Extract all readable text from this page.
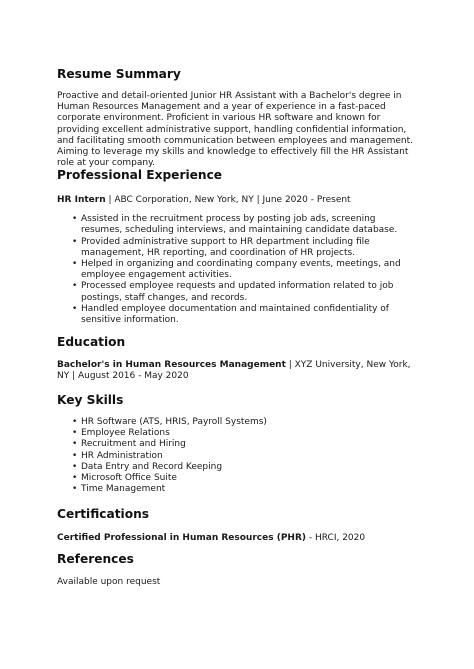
Resume Summary

Proactive and detail-oriented Junior HR Assistant with a Bachelor's degree in Human Resources Management and a year of experience in a fast-paced corporate environment. Proficient in various HR software and known for providing excellent administrative support, handling confidential information, and facilitating smooth communication between employees and management. Aiming to leverage my skills and knowledge to effectively fill the HR Assistant role at your company.

Professional Experience
HR Intern | ABC Corporation, New York, NY | June 2020 - Present
• Assisted in the recruitment process by posting job ads, screening resumes, scheduling interviews, and maintaining candidate database.
• Provided administrative support to HR department including file management, HR reporting, and coordination of HR projects.
• Helped in organizing and coordinating company events, meetings, and employee engagement activities.
• Processed employee requests and updated information related to job postings, staff changes, and records.
• Handled employee documentation and maintained confidentiality of sensitive information.
Education
Bachelor's in Human Resources Management | XYZ University, New York, NY | August 2016 - May 2020
Key Skills
• HR Software (ATS, HRIS, Payroll Systems)
• Employee Relations
• Recruitment and Hiring
• HR Administration
• Data Entry and Record Keeping
• Microsoft Office Suite
• Time Management
Certifications
Certified Professional in Human Resources (PHR) - HRCI, 2020
References

Available upon request
